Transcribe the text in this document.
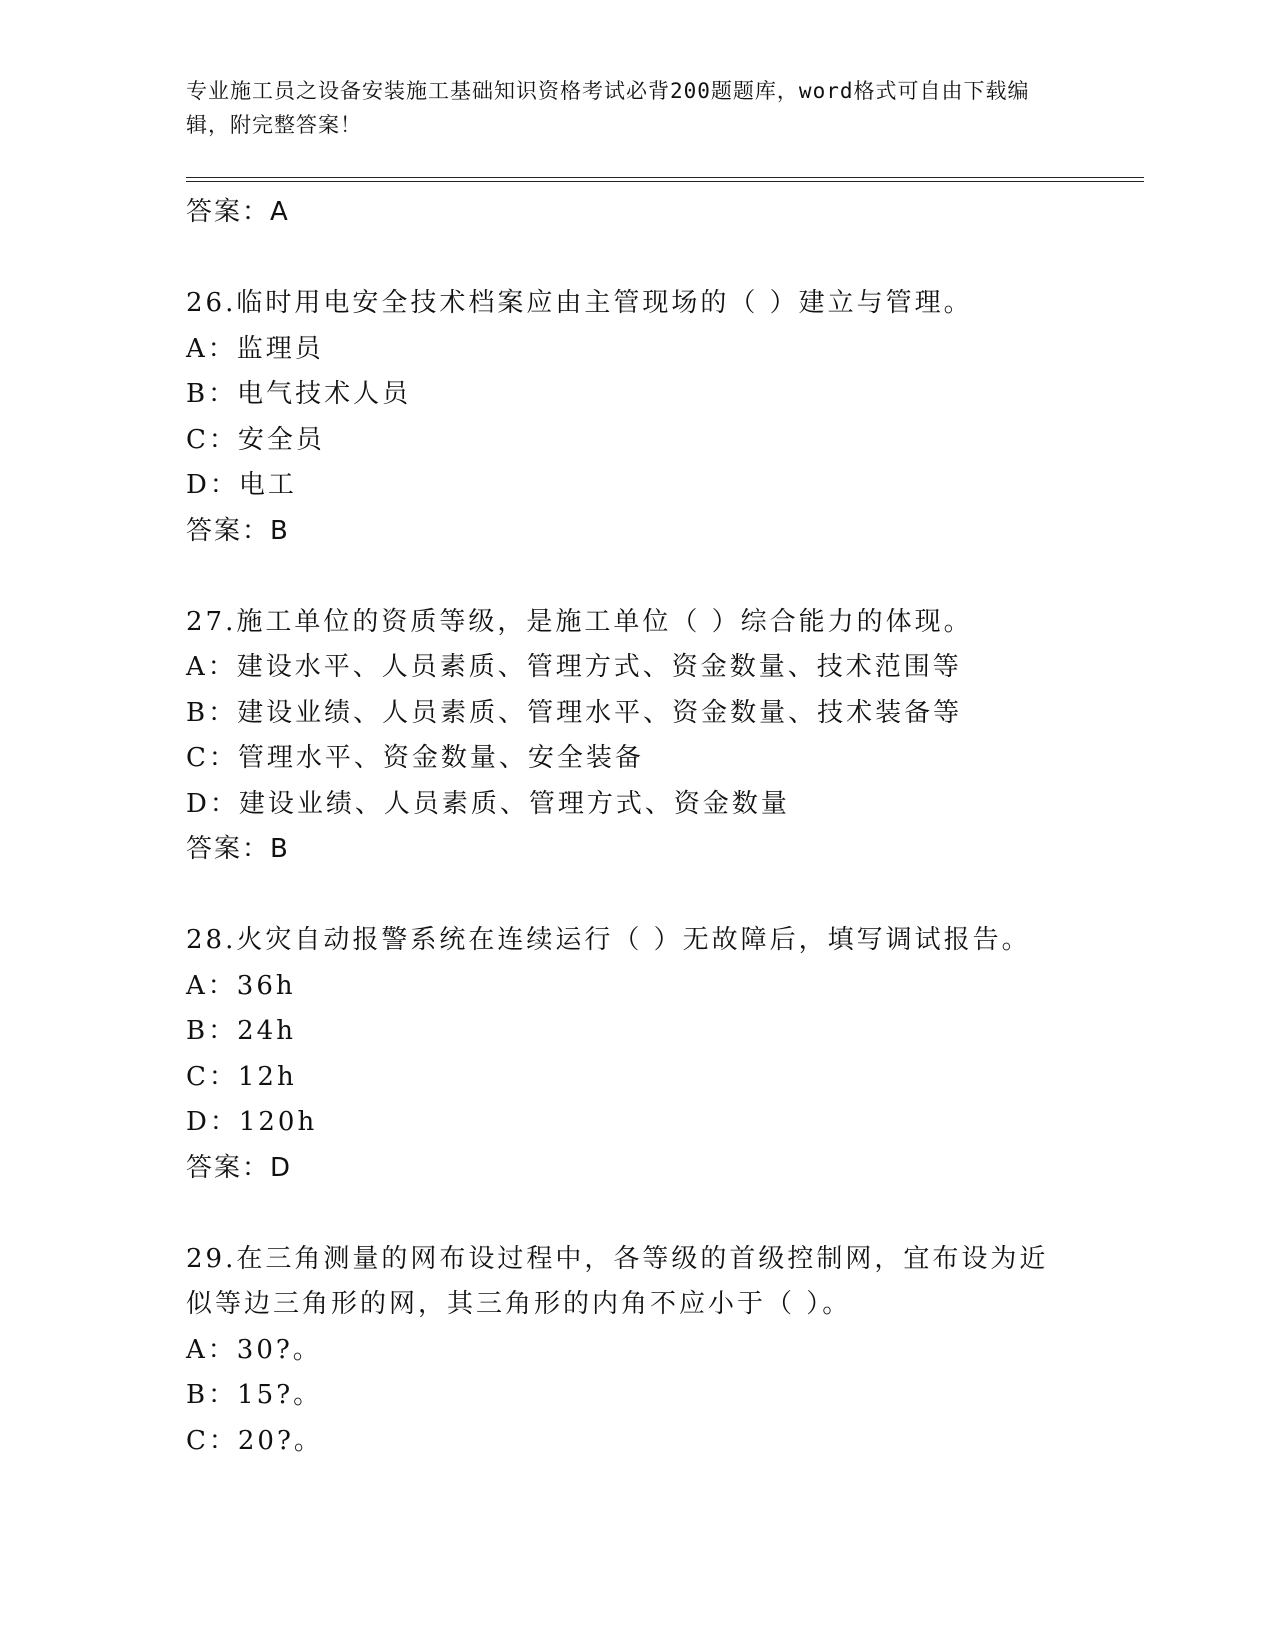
专业施工员之设备安装施工基础知识资格考试必背200题题库，word格式可自由下载编辑，附完整答案！
答案：A
26.临时用电安全技术档案应由主管现场的（ ）建立与管理。
A：监理员
B：电气技术人员
C：安全员
D：电工
答案：B
27.施工单位的资质等级，是施工单位（ ）综合能力的体现。
A：建设水平、人员素质、管理方式、资金数量、技术范围等
B：建设业绩、人员素质、管理水平、资金数量、技术装备等
C：管理水平、资金数量、安全装备
D：建设业绩、人员素质、管理方式、资金数量
答案：B
28.火灾自动报警系统在连续运行（ ）无故障后，填写调试报告。
A：36h
B：24h
C：12h
D：120h
答案：D
29.在三角测量的网布设过程中，各等级的首级控制网，宜布设为近似等边三角形的网，其三角形的内角不应小于（ ）。
A：30?。
B：15?。
C：20?。
